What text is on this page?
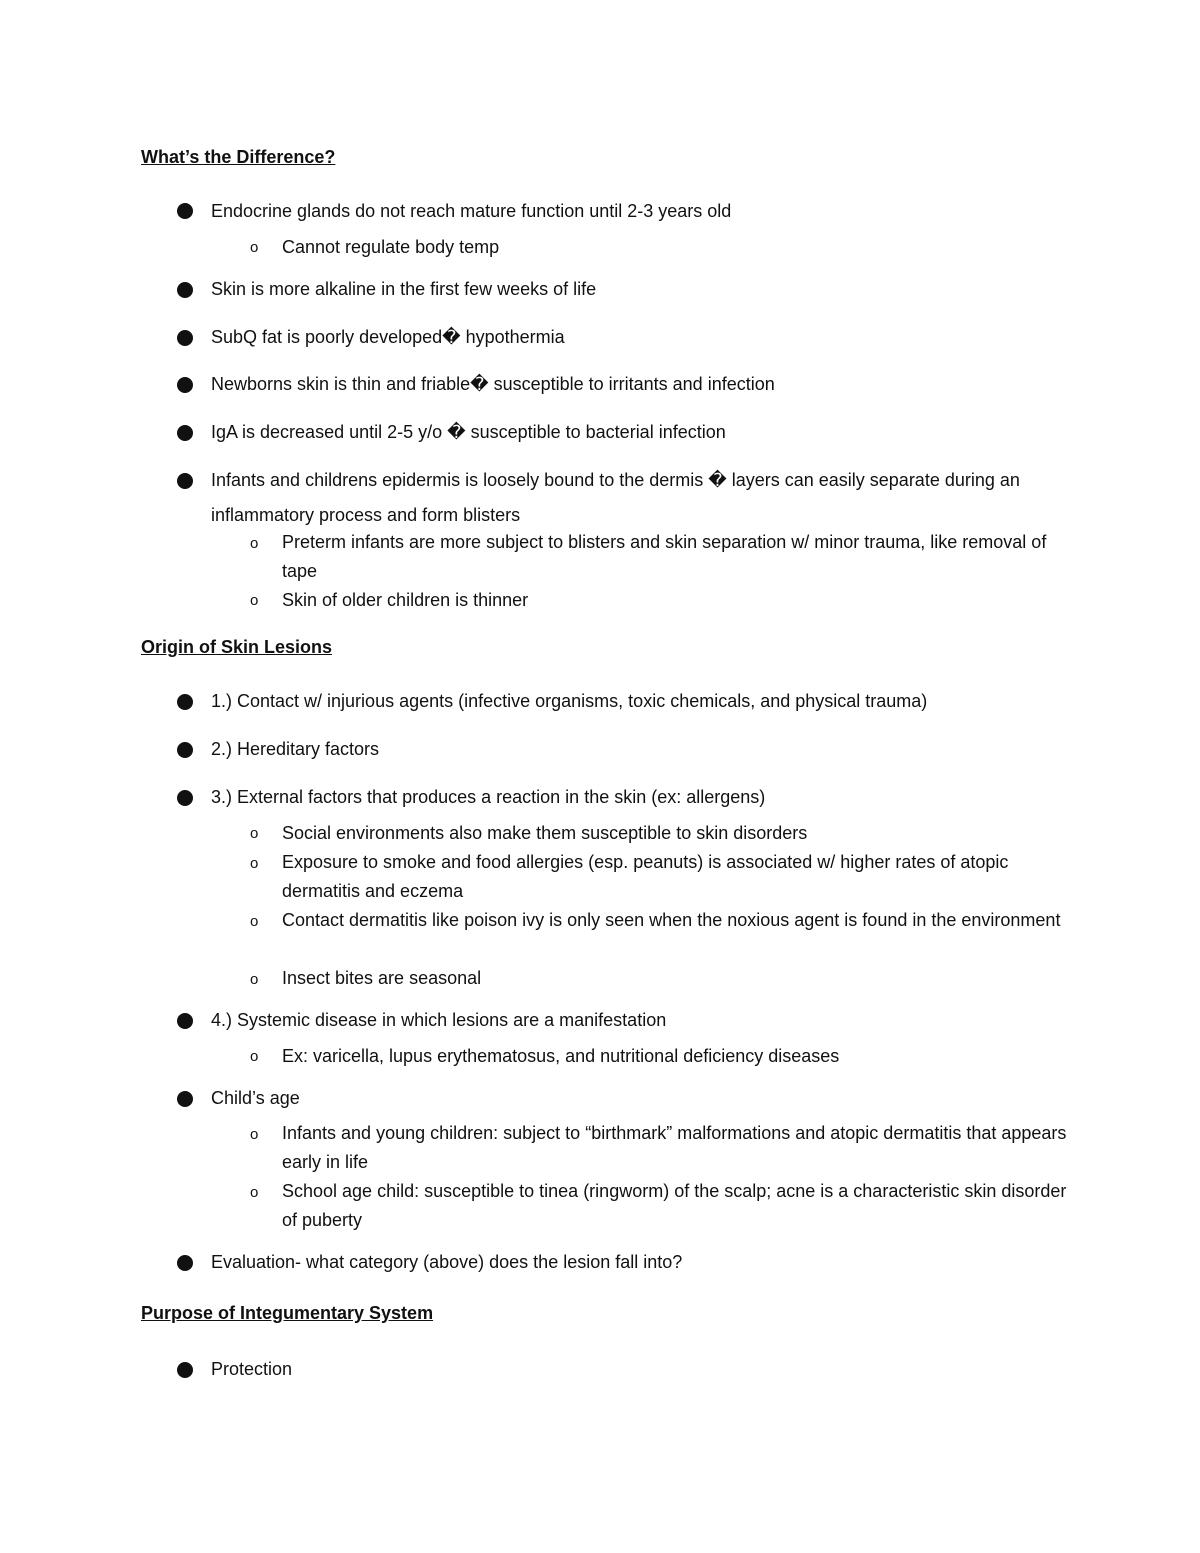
What’s the Difference?
Endocrine glands do not reach mature function until 2-3 years old
o Cannot regulate body temp
Skin is more alkaline in the first few weeks of life
SubQ fat is poorly developed� hypothermia
Newborns skin is thin and friable� susceptible to irritants and infection
IgA is decreased until 2-5 y/o � susceptible to bacterial infection
Infants and childrens epidermis is loosely bound to the dermis � layers can easily separate during an inflammatory process and form blisters
o Preterm infants are more subject to blisters and skin separation w/ minor trauma, like removal of tape
o Skin of older children is thinner
Origin of Skin Lesions
1.) Contact w/ injurious agents (infective organisms, toxic chemicals, and physical trauma)
2.) Hereditary factors
3.) External factors that produces a reaction in the skin (ex: allergens)
o Social environments also make them susceptible to skin disorders
o Exposure to smoke and food allergies (esp. peanuts) is associated w/ higher rates of atopic dermatitis and eczema
o Contact dermatitis like poison ivy is only seen when the noxious agent is found in the environment
o Insect bites are seasonal
4.) Systemic disease in which lesions are a manifestation
o Ex: varicella, lupus erythematosus, and nutritional deficiency diseases
Child’s age
o Infants and young children: subject to “birthmark” malformations and atopic dermatitis that appears early in life
o School age child: susceptible to tinea (ringworm) of the scalp; acne is a characteristic skin disorder of puberty
Evaluation- what category (above) does the lesion fall into?
Purpose of Integumentary System
Protection
